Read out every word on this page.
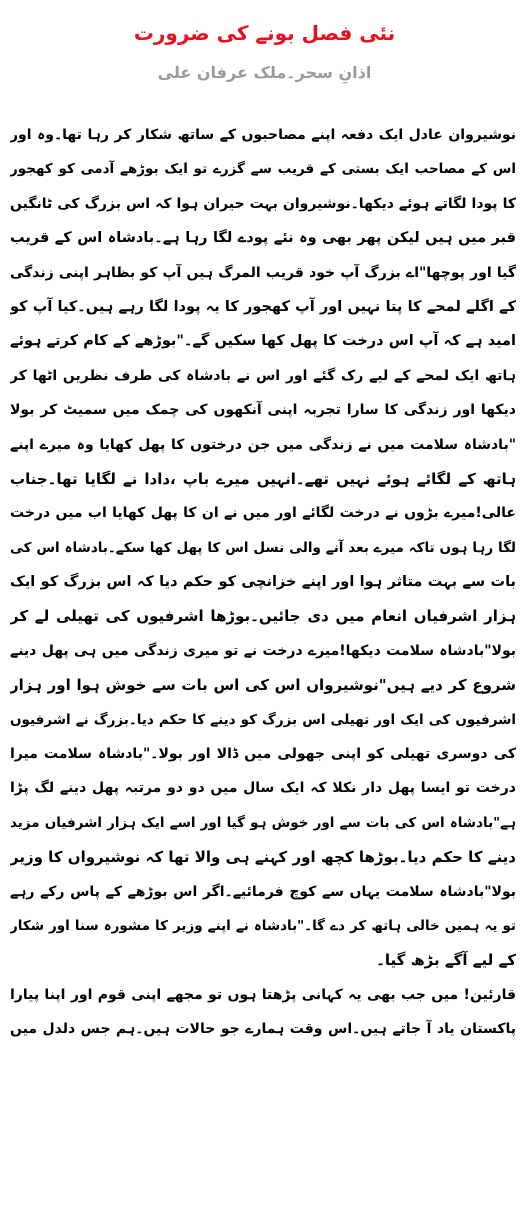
نئی فصل بونے کی ضرورت
اذانِ سحر۔ملک عرفان علی
نوشیروان عادل ایک دفعہ اپنے مصاحبوں کے ساتھ شکار کر رہا تھا۔وہ اور
اس کے مصاحب ایک بستی کے قریب سے گزرے تو ایک بوڑھے آدمی کو کھجور
کا پودا لگاتے ہوئے دیکھا۔نوشیروان بہت حیران ہوا کہ اس بزرگ کی ٹانگیں
قبر میں ہیں لیکن پھر بھی وہ نئے پودے لگا رہا ہے۔بادشاہ اس کے قریب
گیا اور پوچھا"اے بزرگ آپ خود قریب المرگ ہیں آپ کو بظاہر اپنی زندگی
کے اگلے لمحے کا پتا نہیں اور آپ کھجور کا یہ پودا لگا رہے ہیں۔کیا آپ کو
امید ہے کہ آپ اس درخت کا پھل کھا سکیں گے۔"بوڑھے کے کام کرتے ہوئے
ہاتھ ایک لمحے کے لیے رک گئے اور اس نے بادشاہ کی طرف نظریں اٹھا کر
دیکھا اور زندگی کا سارا تجربہ اپنی آنکھوں کی چمک میں سمیٹ کر بولا
"بادشاہ سلامت میں نے زندگی میں جن درختوں کا پھل کھایا وہ میرے اپنے
ہاتھ کے لگائے ہوئے نہیں تھے۔انہیں میرے باپ ،دادا نے لگایا تھا۔جناب
عالی!میرے بڑوں نے درخت لگائے اور میں نے ان کا پھل کھایا اب میں درخت
لگا رہا ہوں تاکہ میرے بعد آنے والی نسل اس کا پھل کھا سکے۔بادشاہ اس کی
بات سے بہت متاثر ہوا اور اپنے خزانچی کو حکم دیا کہ اس بزرگ کو ایک
ہزار اشرفیاں انعام میں دی جائیں۔بوڑھا اشرفیوں کی تھیلی لے کر
بولا"بادشاہ سلامت دیکھا!میرے درخت نے تو میری زندگی میں ہی پھل دینے
شروع کر دیے ہیں"نوشیرواں اس کی اس بات سے خوش ہوا اور ہزار
اشرفیوں کی ایک اور تھیلی اس بزرگ کو دینے کا حکم دیا۔بزرگ نے اشرفیوں
کی دوسری تھیلی کو اپنی جھولی میں ڈالا اور بولا۔"بادشاہ سلامت میرا
درخت تو ایسا پھل دار نکلا کہ ایک سال میں دو دو مرتبہ پھل دینے لگ پڑا
ہے"بادشاہ اس کی بات سے اور خوش ہو گیا اور اسے ایک ہزار اشرفیاں مزید
دینے کا حکم دیا۔بوڑھا کچھ اور کہنے ہی والا تھا کہ نوشیرواں کا وزیر
بولا"بادشاہ سلامت یہاں سے کوچ فرمائیے۔اگر اس بوڑھے کے پاس رکے رہے
تو یہ ہمیں خالی ہاتھ کر دے گا۔"بادشاہ نے اپنے وزیر کا مشورہ سنا اور شکار
کے لیے آگے بڑھ گیا۔
قارئین! میں جب بھی یہ کہانی پڑھتا ہوں تو مجھے اپنی قوم اور اپنا پیارا
پاکستان یاد آ جاتے ہیں۔اس وقت ہمارے جو حالات ہیں۔ہم جس دلدل میں
